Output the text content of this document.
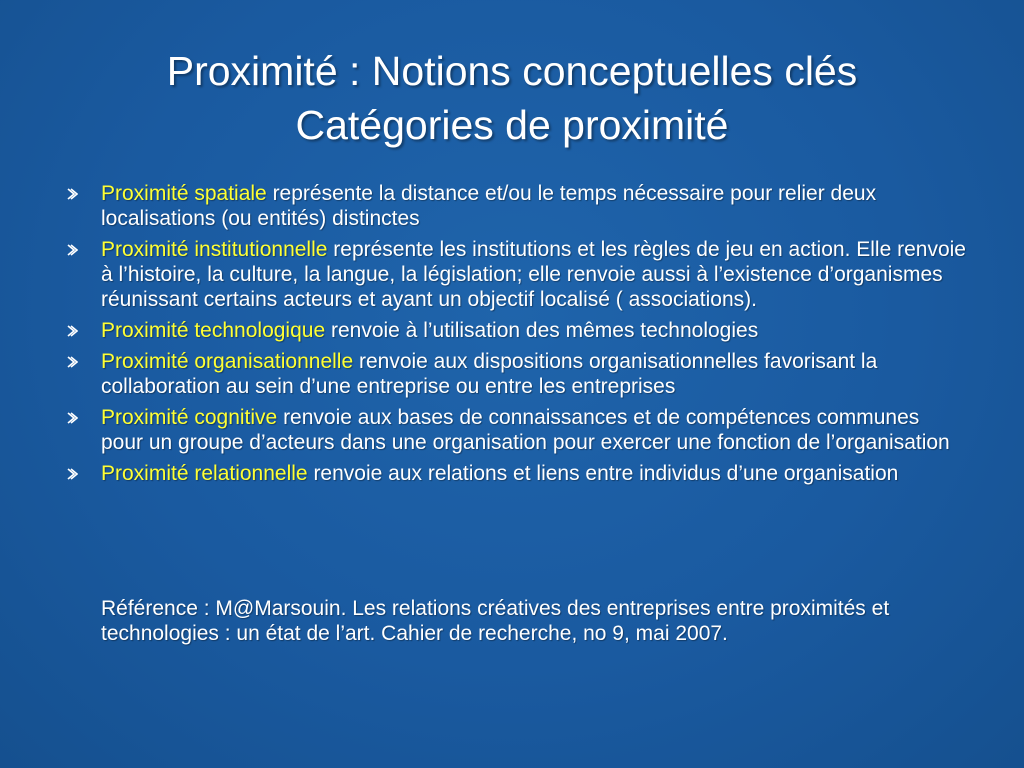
Proximité : Notions conceptuelles clés
Catégories de proximité
Proximité spatiale représente la distance et/ou le temps nécessaire pour relier deux localisations (ou entités) distinctes
Proximité institutionnelle représente les institutions et les règles de jeu en action. Elle renvoie à l’histoire, la culture, la langue, la législation; elle renvoie aussi à l’existence d’organismes réunissant certains acteurs et ayant un objectif localisé ( associations).
Proximité technologique renvoie à l’utilisation des mêmes technologies
Proximité organisationnelle renvoie aux dispositions organisationnelles favorisant la collaboration au sein d’une entreprise ou entre les entreprises
Proximité cognitive renvoie aux bases de connaissances et de compétences communes pour un groupe d’acteurs dans une organisation pour exercer une fonction de l’organisation
Proximité relationnelle renvoie aux relations et liens entre individus d’une organisation
Référence : M@Marsouin. Les relations créatives des entreprises entre proximités et technologies : un état de l’art. Cahier de recherche, no 9, mai 2007.
